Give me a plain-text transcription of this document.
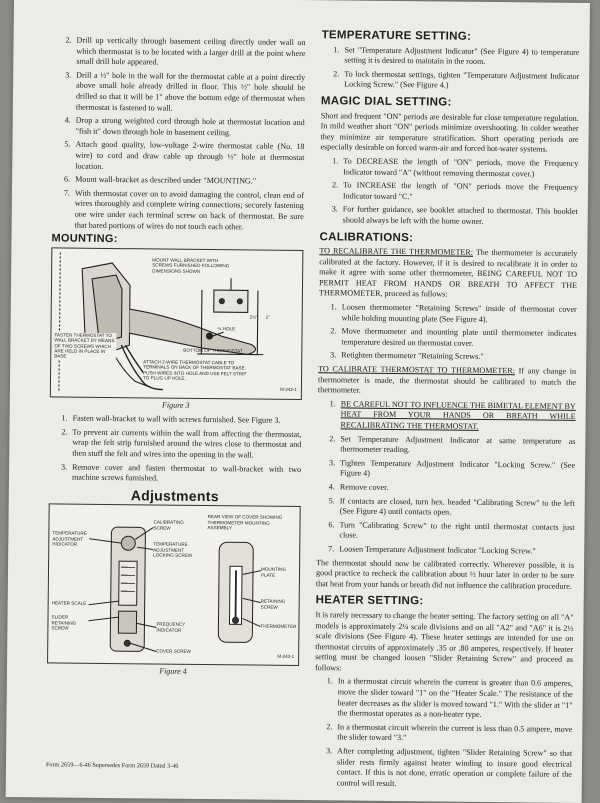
2. Drill up vertically through basement ceiling directly under wall on which thermostat is to be located with a larger drill at the point where small drill hole appeared.
3. Drill a ½" hole in the wall for the thermostat cable at a point directly above small hole already drilled in floor. This ½" hole should be drilled so that it will be 1" above the bottom edge of thermostat when thermostat is fastened to wall.
4. Drop a strong weighted cord through hole at thermostat location and "fish it" down through hole in basement ceiling.
5. Attach good quality, low-voltage 2-wire thermostat cable (No. 18 wire) to cord and draw cable up through ½" hole at thermostat location.
6. Mount wall-bracket as described under "MOUNTING."
7. With thermostat cover on to avoid damaging the control, clean end of wires thoroughly and complete wiring connections; securely fastening one wire under each terminal screw on back of thermostat. Be sure that bared portions of wires do not touch each other.
MOUNTING:
MOUNT WALL BRACKET WITH SCREWS FURNISHED FOLLOWING DIMENSIONS SHOWN
½ HOLE
2½" 1"
FASTEN THERMOSTAT TO WALL BRACKET BY MEANS OF TWO SCREWS WHICH ARE HELD IN PLACE IN BASE
BOTTOM OF THERMOSTAT
ATTACH 2-WIRE THERMOSTAT CABLE TO TERMINALS ON BACK OF THERMOSTAT BASE. PUSH WIRES INTO HOLE AND USE FELT STRIP TO PLUG UP HOLE.
M-242-1
Figure 3
1. Fasten wall-bracket to wall with screws furnished. See Figure 3.
2. To prevent air currents within the wall from affecting the thermostat, wrap the felt strip furnished around the wires close to thermostat and then stuff the felt and wires into the opening in the wall.
3. Remove cover and fasten thermostat to wall-bracket with two machine screws furnished.
Adjustments
TEMPERATURE ADJUSTMENT INDICATOR
CALIBRATING SCREW
TEMPERATURE ADJUSTMENT LOCKING SCREW
REAR VIEW OF COVER SHOWING THERMOMETER MOUNTING ASSEMBLY
MOUNTING PLATE
HEATER SCALE
SLIDER RETAINING SCREW
FREQUENCY INDICATOR
RETAINING SCREW
THERMOMETER
COVER SCREW
M-243-1
Figure 4
Form 2659—6-46 Supersedes Form 2659 Dated 3-46
TEMPERATURE SETTING:
1. Set "Temperature Adjustment Indicator" (See Figure 4) to temperature setting it is desired to maintain in the room.
2. To lock thermostat settings, tighten "Temperature Adjustment Indicator Locking Screw." (See Figure 4.)
MAGIC DIAL SETTING:

Short and frequent "ON" periods are desirable for close temperature regulation. In mild weather short "ON" periods minimize overshooting. In colder weather they minimize air temperature stratification. Short operating periods are especially desirable on forced warm-air and forced hot-water systems.

1. To DECREASE the length of "ON" periods, move the Frequency Indicator toward "A" (without removing thermostat cover.)
2. To INCREASE the length of "ON" periods move the Frequency Indicator toward "C."
3. For further guidance, see booklet attached to thermostat. This booklet should always be left with the home owner.
CALIBRATIONS:

TO RECALIBRATE THE THERMOMETER: The thermometer is accurately calibrated at the factory. However, if it is desired to recalibrate it in order to make it agree with some other thermometer, BEING CAREFUL NOT TO PERMIT HEAT FROM HANDS OR BREATH TO AFFECT THE THERMOMETER, proceed as follows:

1. Loosen thermometer "Retaining Screws" inside of thermostat cover while holding mounting plate (See Figure 4).
2. Move thermometer and mounting plate until thermometer indicates temperature desired on thermostat cover.
3. Retighten thermometer "Retaining Screws."

TO CALIBRATE THERMOSTAT TO THERMOMETER: If any change in thermometer is made, the thermostat should be calibrated to match the thermometer.

1. BE CAREFUL NOT TO INFLUENCE THE BIMETAL ELEMENT BY HEAT FROM YOUR HANDS OR BREATH WHILE RECALIBRATING THE THERMOSTAT.
2. Set Temperature Adjustment Indicator at same temperature as thermometer reading.
3. Tighten Temperature Adjustment Indicator "Locking Screw." (See Figure 4)
4. Remove cover.
5. If contacts are closed, turn hex. headed "Calibrating Screw" to the left (See Figure 4) until contacts open.
6. Turn "Calibrating Screw" to the right until thermostat contacts just close.
7. Loosen Temperature Adjustment Indicator "Locking Screw."

The thermostat should now be calibrated correctly. Wherever possible, it is good practice to recheck the calibration about ½ hour later in order to be sure that heat from your hands or breath did not influence the calibration procedure.

HEATER SETTING:

It is rarely necessary to change the heater setting. The factory setting on all "A" models is approximately 2¼ scale divisions and on all "A2" and "A6" it is 2½ scale divisions (See Figure 4). These heater settings are intended for use on thermostat circuits of approximately .35 or .80 amperes, respectively. If heater setting must be changed loosen "Slider Retaining Screw" and proceed as follows:

1. In a thermostat circuit wherein the current is greater than 0.6 amperes, move the slider toward "1" on the "Heater Scale." The resistance of the heater decreases as the slider is moved toward "1." With the slider at "1" the thermostat operates as a non-heater type.
2. In a thermostat circuit wherein the current is less than 0.5 ampere, move the slider toward "3."
3. After completing adjustment, tighten "Slider Retaining Screw" so that slider rests firmly against heater winding to insure good electrical contact. If this is not done, erratic operation or complete failure of the control will result.
